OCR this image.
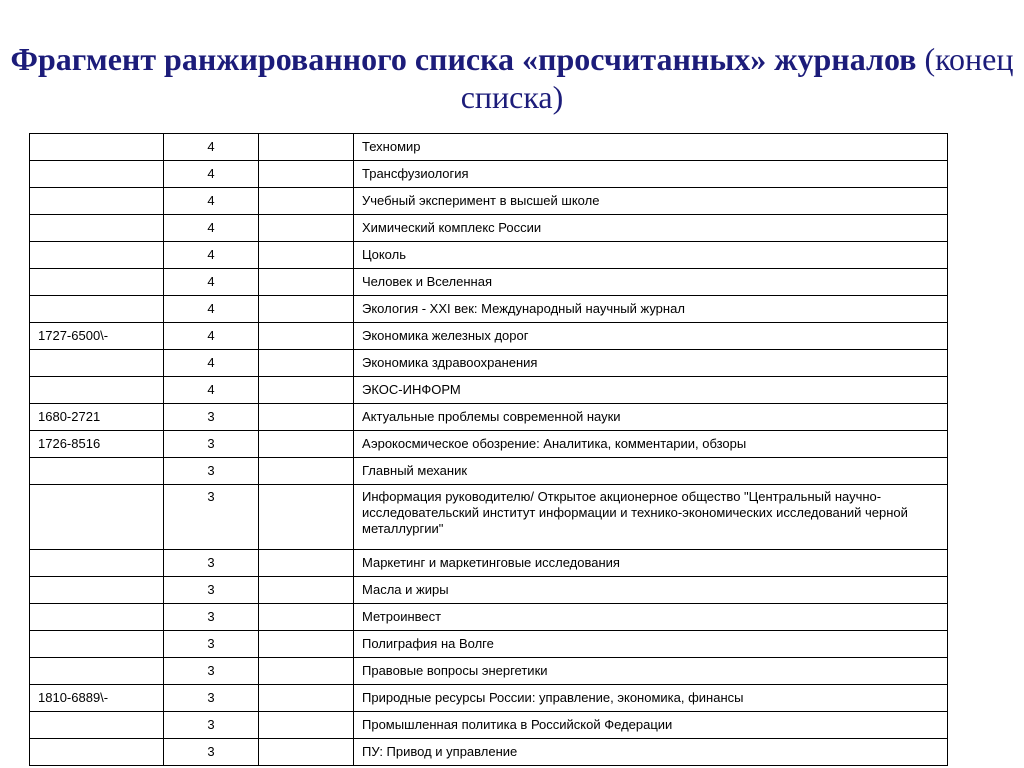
Фрагмент ранжированного списка «просчитанных» журналов (конец списка)
	4		Техномир
	4		Трансфузиология
	4		Учебный эксперимент в высшей школе
	4		Химический комплекс России
	4		Цоколь
	4		Человек и Вселенная
	4		Экология - XXI век: Международный научный журнал
1727-6500\-	4		Экономика железных дорог
	4		Экономика здравоохранения
	4		ЭКОС-ИНФОРМ
1680-2721	3		Актуальные проблемы современной науки
1726-8516	3		Аэрокосмическое обозрение: Аналитика, комментарии, обзоры
	3		Главный механик
	3		Информация руководителю/ Открытое акционерное общество "Центральный научно-исследовательский институт информации и технико-экономических исследований черной металлургии"
	3		Маркетинг и маркетинговые исследования
	3		Масла и жиры
	3		Метроинвест
	3		Полиграфия на Волге
	3		Правовые вопросы энергетики
1810-6889\-	3		Природные ресурсы России: управление, экономика, финансы
	3		Промышленная политика в Российской Федерации
	3		ПУ: Привод и управление
